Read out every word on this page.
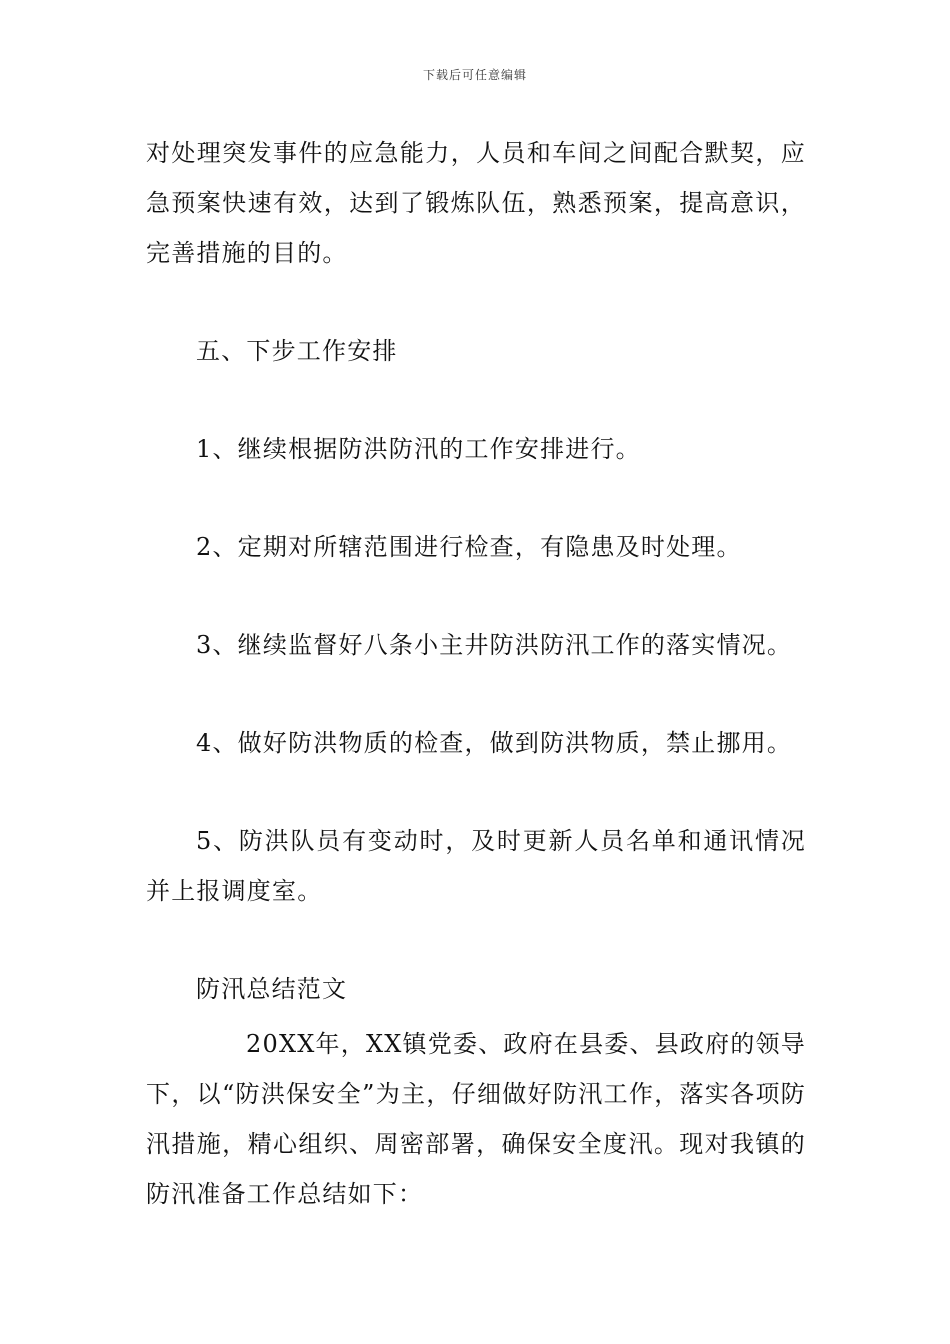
下载后可任意编辑

对处理突发事件的应急能力，人员和车间之间配合默契，应急预案快速有效，达到了锻炼队伍，熟悉预案，提高意识，完善措施的目的。

五、下步工作安排

1、继续根据防洪防汛的工作安排进行。

2、定期对所辖范围进行检查，有隐患及时处理。

3、继续监督好八条小主井防洪防汛工作的落实情况。

4、做好防洪物质的检查，做到防洪物质，禁止挪用。

5、防洪队员有变动时，及时更新人员名单和通讯情况并上报调度室。

防汛总结范文

20XX年，XX镇党委、政府在县委、县政府的领导下，以“防洪保安全”为主，仔细做好防汛工作，落实各项防汛措施，精心组织、周密部署，确保安全度汛。现对我镇的防汛准备工作总结如下：
